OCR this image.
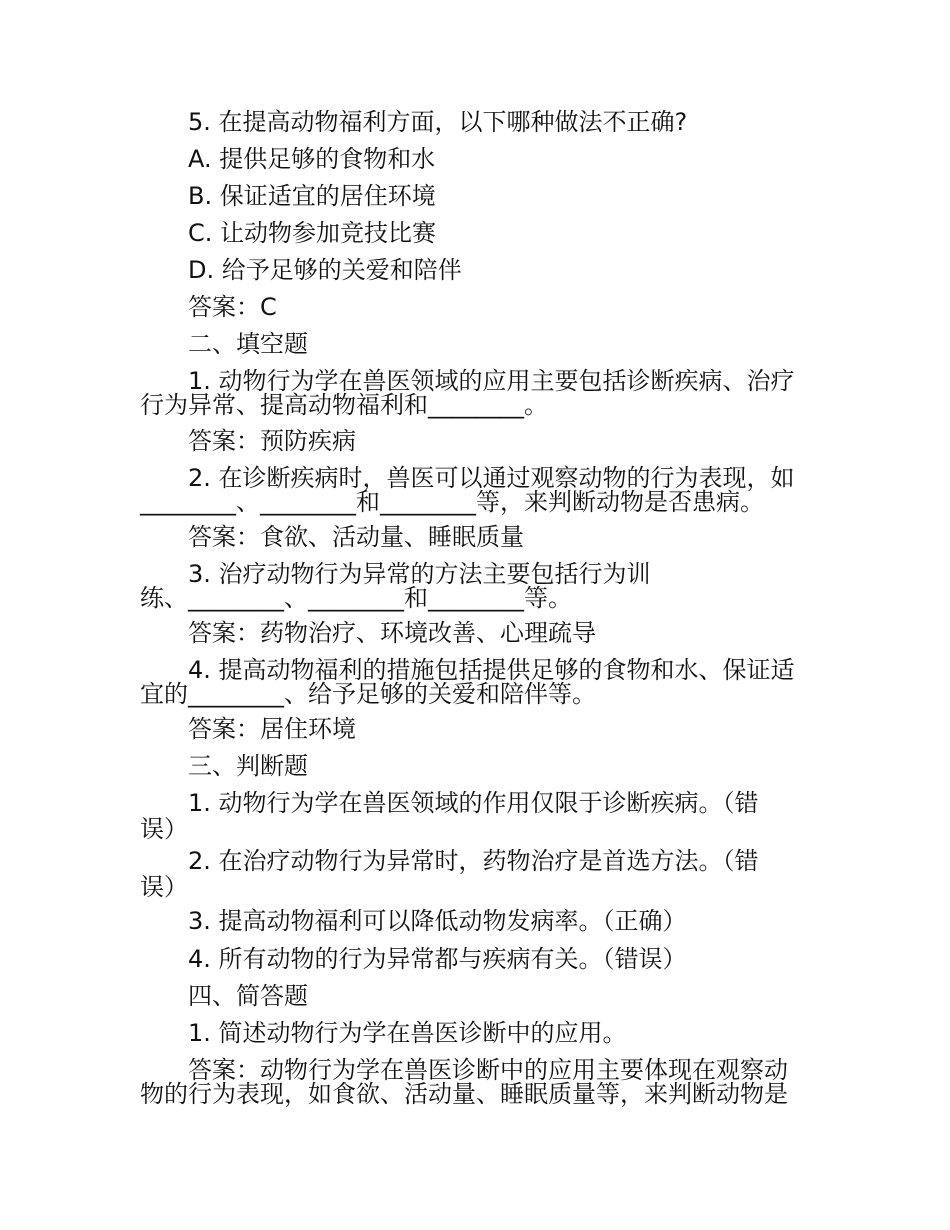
5. 在提高动物福利方面，以下哪种做法不正确?
A. 提供足够的食物和水
B. 保证适宜的居住环境
C. 让动物参加竞技比赛
D. 给予足够的关爱和陪伴
答案：C
二、填空题
1. 动物行为学在兽医领域的应用主要包括诊断疾病、治疗
行为异常、提高动物福利和________。
答案：预防疾病
2. 在诊断疾病时，兽医可以通过观察动物的行为表现，如
________、________和________等，来判断动物是否患病。
答案：食欲、活动量、睡眠质量
3. 治疗动物行为异常的方法主要包括行为训
练、________、________和________等。
答案：药物治疗、环境改善、心理疏导
4. 提高动物福利的措施包括提供足够的食物和水、保证适
宜的________、给予足够的关爱和陪伴等。
答案：居住环境
三、判断题
1. 动物行为学在兽医领域的作用仅限于诊断疾病。（错
误）
2. 在治疗动物行为异常时，药物治疗是首选方法。（错
误）
3. 提高动物福利可以降低动物发病率。（正确）
4. 所有动物的行为异常都与疾病有关。（错误）
四、简答题
1. 简述动物行为学在兽医诊断中的应用。
答案：动物行为学在兽医诊断中的应用主要体现在观察动
物的行为表现，如食欲、活动量、睡眠质量等，来判断动物是
